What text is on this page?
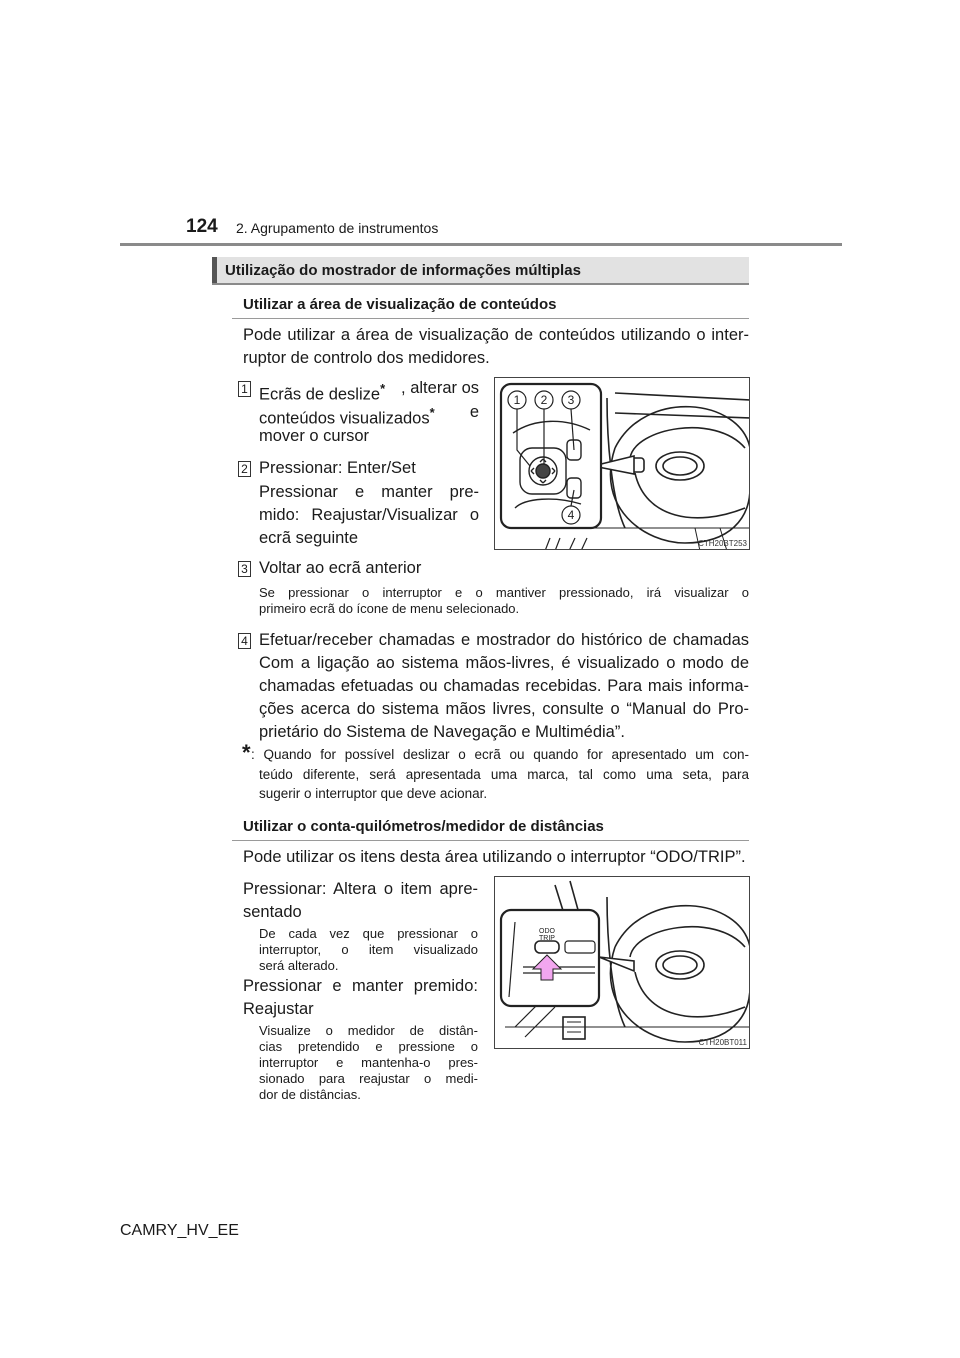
124 2. Agrupamento de instrumentos
Utilização do mostrador de informações múltiplas
Utilizar a área de visualização de conteúdos
Pode utilizar a área de visualização de conteúdos utilizando o inter-
ruptor de controlo dos medidores.
1 Ecrãs de deslize* , alterar os
conteúdos visualizados* e
mover o cursor
2 Pressionar: Enter/Set
Pressionar e manter pre-
mido: Reajustar/Visualizar o
ecrã seguinte
1 2 3
4
CTH20BT253
3 Voltar ao ecrã anterior
Se pressionar o interruptor e o mantiver pressionado, irá visualizar o
primeiro ecrã do ícone de menu selecionado.
4 Efetuar/receber chamadas e mostrador do histórico de chamadas
Com a ligação ao sistema mãos-livres, é visualizado o modo de
chamadas efetuadas ou chamadas recebidas. Para mais informa-
ções acerca do sistema mãos livres, consulte o “Manual do Pro-
prietário do Sistema de Navegação e Multimédia”.
* : Quando for possível deslizar o ecrã ou quando for apresentado um con-
teúdo diferente, será apresentada uma marca, tal como uma seta, para
sugerir o interruptor que deve acionar.
Utilizar o conta-quilómetros/medidor de distâncias
Pode utilizar os itens desta área utilizando o interruptor “ODO/TRIP”.
Pressionar: Altera o item apre-
sentado
De cada vez que pressionar o
interruptor, o item visualizado
será alterado.
Pressionar e manter premido:
Reajustar
Visualize o medidor de distân-
cias pretendido e pressione o
interruptor e mantenha-o pres-
sionado para reajustar o medi-
dor de distâncias.
ODO
TRIP
CTH20BT011
CAMRY_HV_EE
